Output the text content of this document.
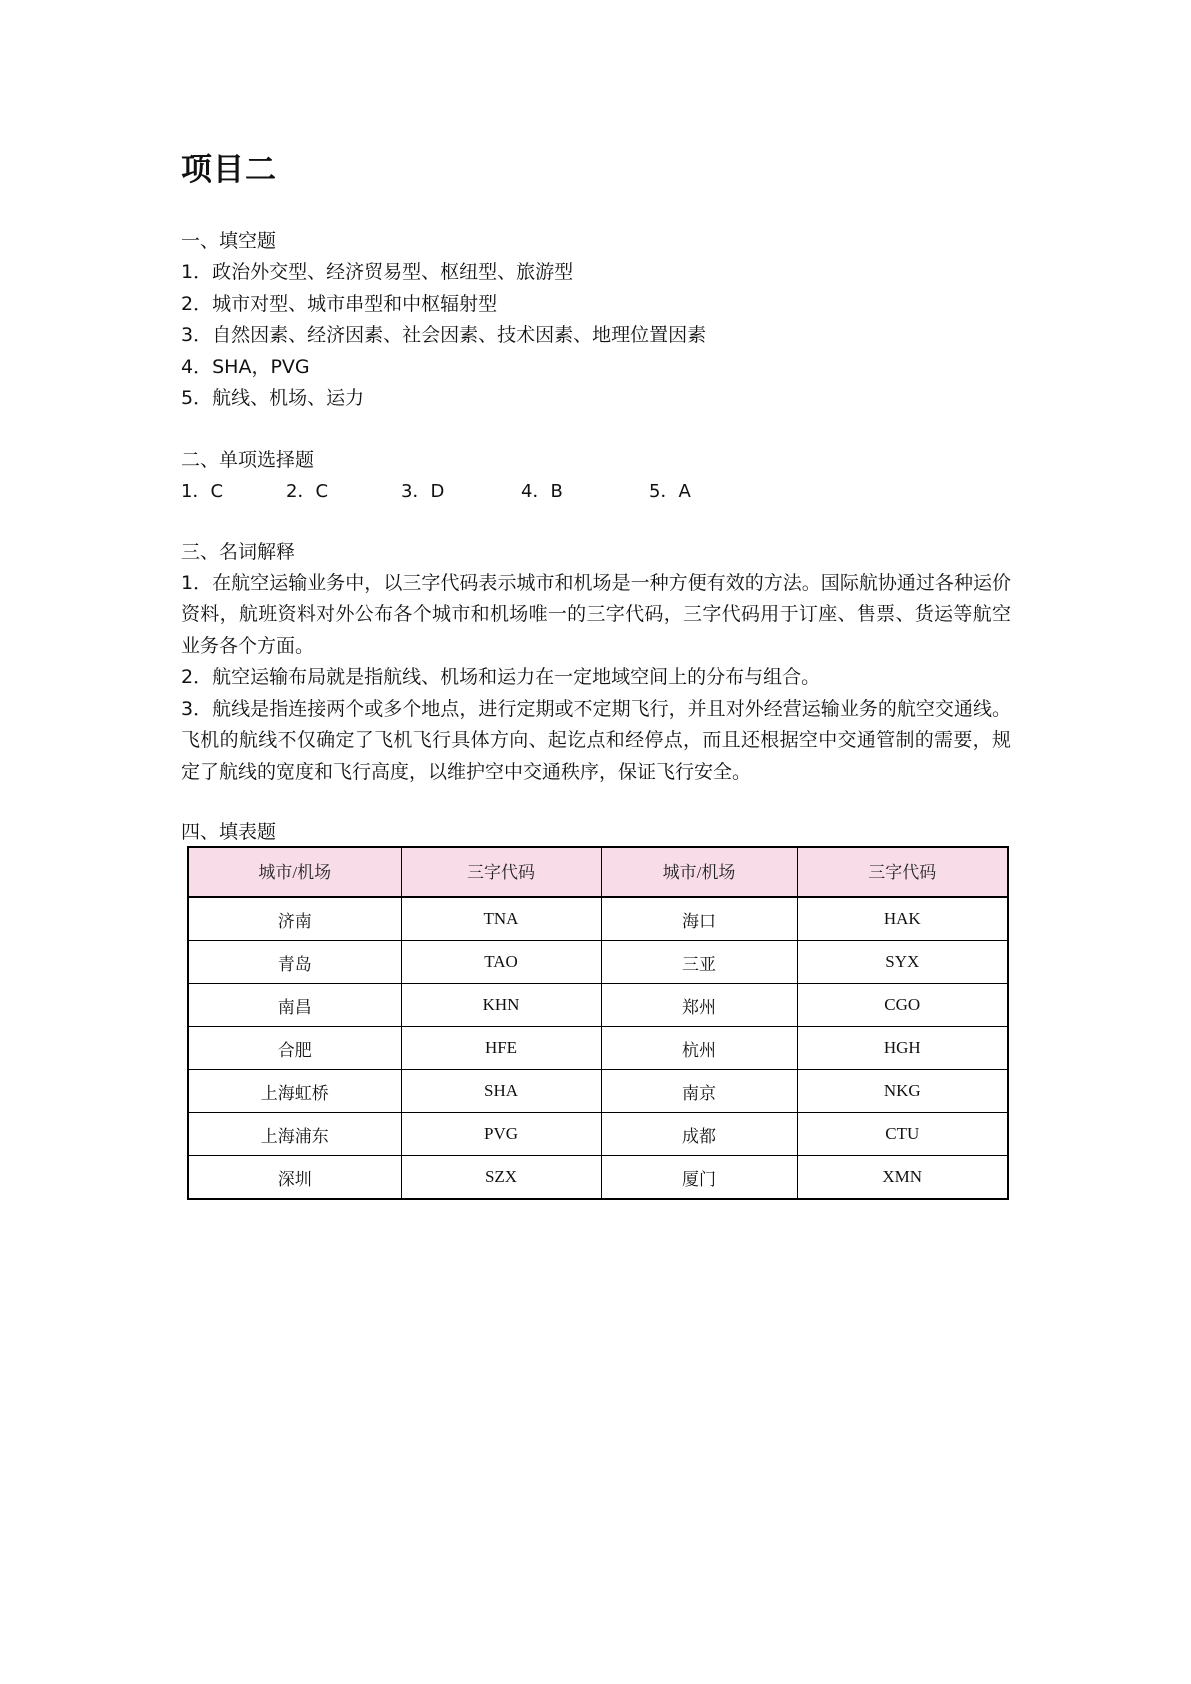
项目二
一、填空题
1．政治外交型、经济贸易型、枢纽型、旅游型
2．城市对型、城市串型和中枢辐射型
3．自然因素、经济因素、社会因素、技术因素、地理位置因素
4．SHA，PVG
5．航线、机场、运力
二、单项选择题
1．C	2．C	3．D	4．B	5．A
三、名词解释
1．在航空运输业务中，以三字代码表示城市和机场是一种方便有效的方法。国际航协通过各种运价资料，航班资料对外公布各个城市和机场唯一的三字代码，三字代码用于订座、售票、货运等航空业务各个方面。
2．航空运输布局就是指航线、机场和运力在一定地域空间上的分布与组合。
3．航线是指连接两个或多个地点，进行定期或不定期飞行，并且对外经营运输业务的航空交通线。飞机的航线不仅确定了飞机飞行具体方向、起讫点和经停点，而且还根据空中交通管制的需要，规定了航线的宽度和飞行高度，以维护空中交通秩序，保证飞行安全。
四、填表题
城市/机场	三字代码	城市/机场	三字代码
济南	TNA	海口	HAK
青岛	TAO	三亚	SYX
南昌	KHN	郑州	CGO
合肥	HFE	杭州	HGH
上海虹桥	SHA	南京	NKG
上海浦东	PVG	成都	CTU
深圳	SZX	厦门	XMN
